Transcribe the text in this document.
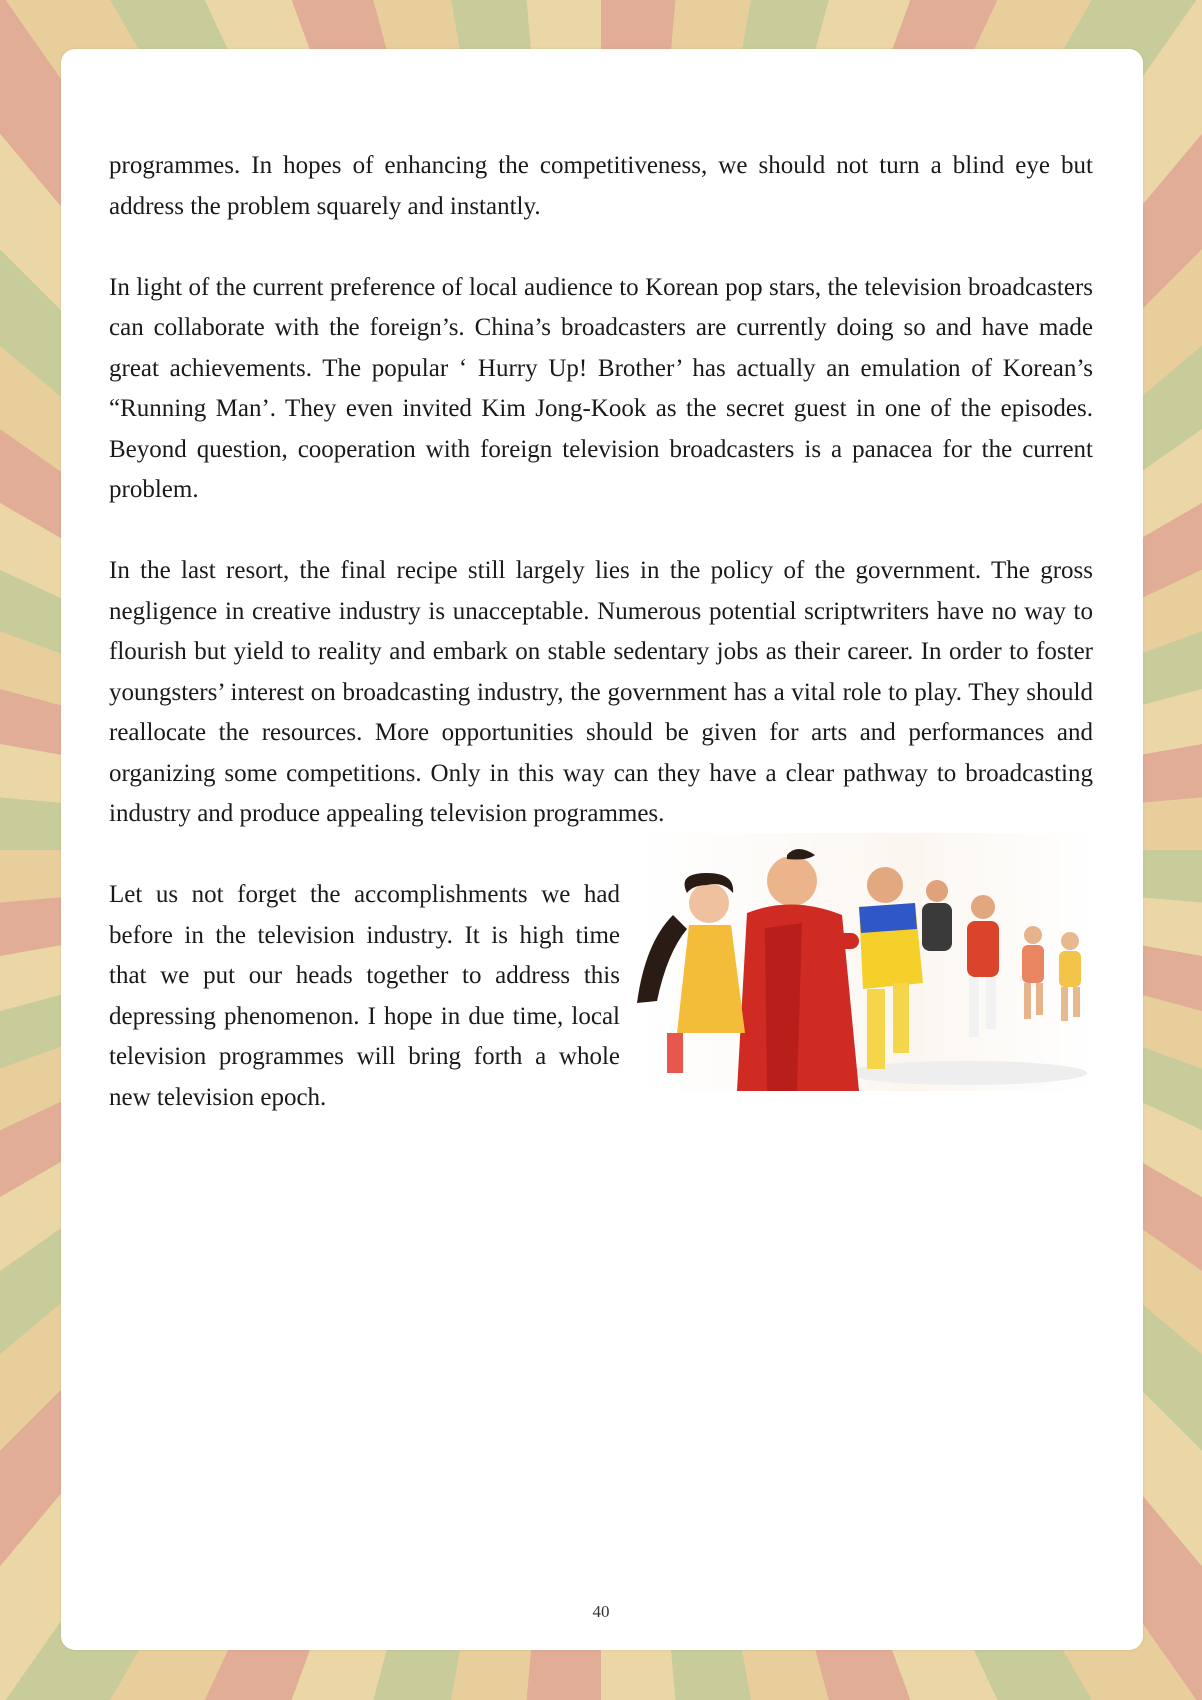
programmes. In hopes of enhancing the competitiveness, we should not turn a blind eye but address the problem squarely and instantly.

In light of the current preference of local audience to Korean pop stars, the television broadcasters can collaborate with the foreign’s. China’s broadcasters are currently doing so and have made great achievements. The popular ‘ Hurry Up! Brother’ has actually an emulation of Korean’s “Running Man’. They even invited Kim Jong-Kook as the secret guest in one of the episodes. Beyond question, cooperation with foreign television broadcasters is a panacea for the current problem.

In the last resort, the final recipe still largely lies in the policy of the government. The gross negligence in creative industry is unacceptable. Numerous potential scriptwriters have no way to flourish but yield to reality and embark on stable sedentary jobs as their career. In order to foster youngsters’ interest on broadcasting industry, the government has a vital role to play. They should reallocate the resources. More opportunities should be given for arts and performances and organizing some competitions. Only in this way can they have a clear pathway to broadcasting industry and produce appealing television programmes.

Let us not forget the accomplishments we had before in the television industry. It is high time that we put our heads together to address this depressing phenomenon. I hope in due time, local television programmes will bring forth a whole new television epoch.

40
